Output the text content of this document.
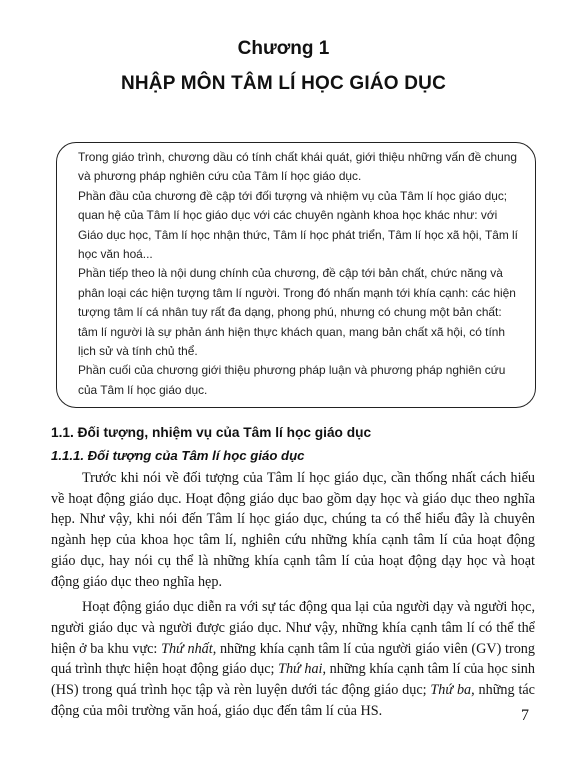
Chương 1
NHẬP MÔN TÂM LÍ HỌC GIÁO DỤC

Trong giáo trình, chương dầu có tính chất khái quát, giới thiệu những vấn đề chung và phương pháp nghiên cứu của Tâm lí học giáo dục.

Phần đầu của chương đề cập tới đối tượng và nhiệm vụ của Tâm lí học giáo dục; quan hệ của Tâm lí học giáo dục với các chuyên ngành khoa học khác như: với Giáo dục học, Tâm lí học nhận thức, Tâm lí học phát triển, Tâm lí học xã hội, Tâm lí học văn hoá...

Phần tiếp theo là nội dung chính của chương, đề cập tới bản chất, chức năng và phân loại các hiện tượng tâm lí người. Trong đó nhấn mạnh tới khía cạnh: các hiện tượng tâm lí cá nhân tuy rất đa dạng, phong phú, nhưng có chung một bản chất: tâm lí người là sự phản ánh hiện thực khách quan, mang bản chất xã hội, có tính lịch sử và tính chủ thể.

Phần cuối của chương giới thiệu phương pháp luận và phương pháp nghiên cứu của Tâm lí học giáo dục.

1.1. Đối tượng, nhiệm vụ của Tâm lí học giáo dục
1.1.1. Đối tượng của Tâm lí học giáo dục

Trước khi nói về đối tượng của Tâm lí học giáo dục, cần thống nhất cách hiểu về hoạt động giáo dục. Hoạt động giáo dục bao gồm dạy học và giáo dục theo nghĩa hẹp. Như vậy, khi nói đến Tâm lí học giáo dục, chúng ta có thể hiểu đây là chuyên ngành hẹp của khoa học tâm lí, nghiên cứu những khía cạnh tâm lí của hoạt động giáo dục, hay nói cụ thể là những khía cạnh tâm lí của hoạt động dạy học và hoạt động giáo dục theo nghĩa hẹp.

Hoạt động giáo dục diễn ra với sự tác động qua lại của người dạy và người học, người giáo dục và người được giáo dục. Như vậy, những khía cạnh tâm lí có thể thể hiện ở ba khu vực: Thứ nhất, những khía cạnh tâm lí của người giáo viên (GV) trong quá trình thực hiện hoạt động giáo dục; Thứ hai, những khía cạnh tâm lí của học sinh (HS) trong quá trình học tập và rèn luyện dưới tác động giáo dục; Thứ ba, những tác động của môi trường văn hoá, giáo dục đến tâm lí của HS.	7
